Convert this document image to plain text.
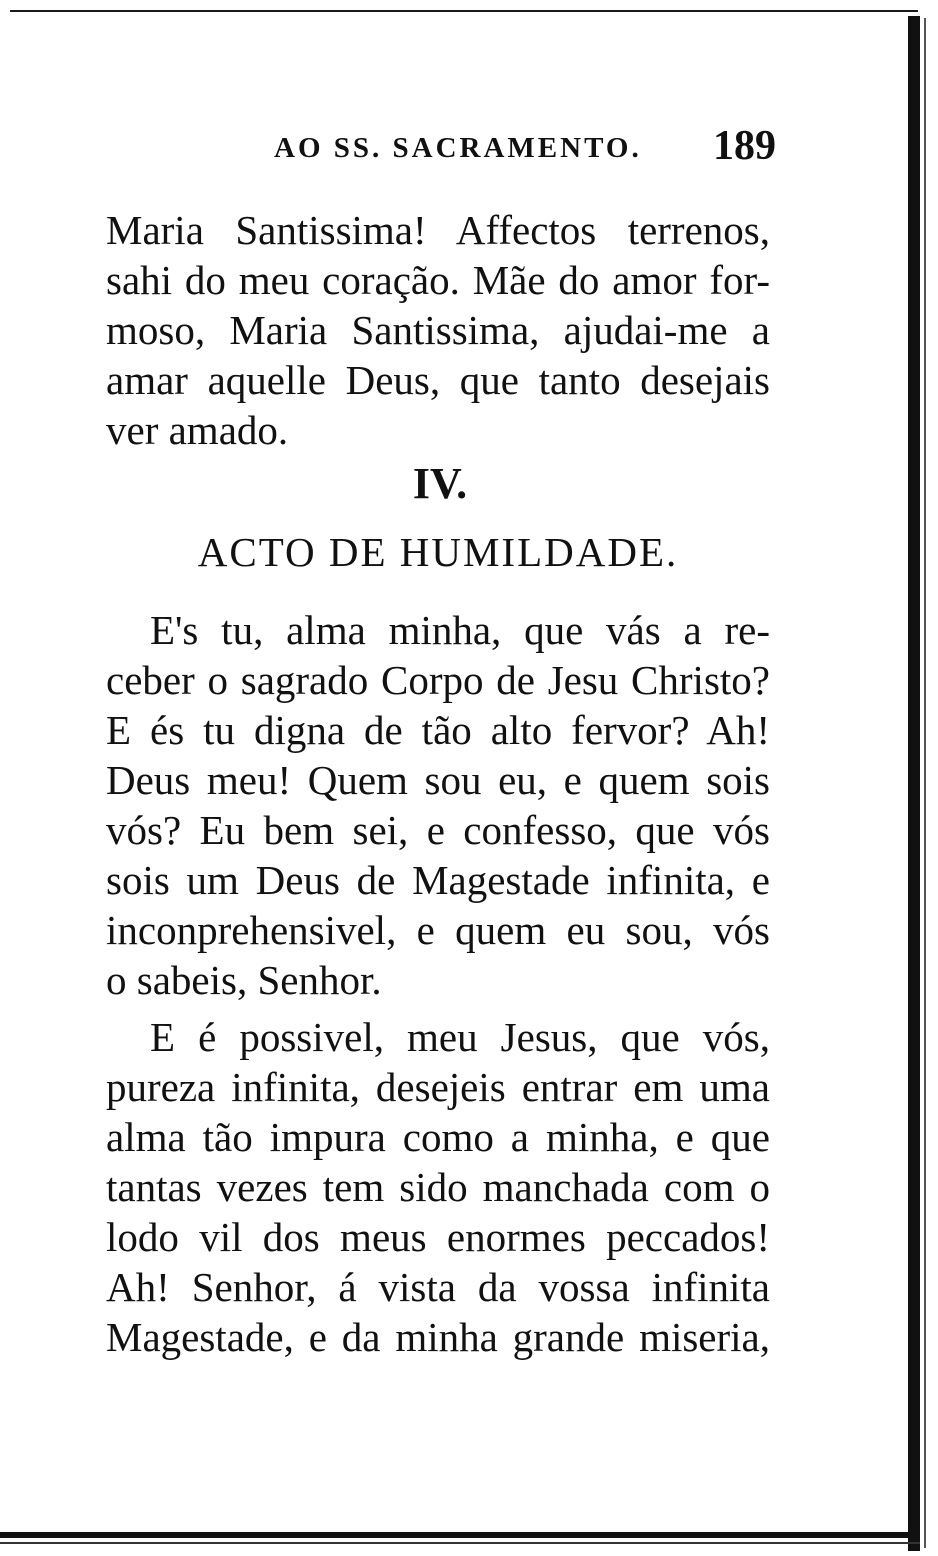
AO SS. SACRAMENTO. 189
Maria Santissima! Affectos terrenos,
sahi do meu coração. Mãe do amor for-
moso, Maria Santissima, ajudai-me a
amar aquelle Deus, que tanto desejais
ver amado.
IV.
ACTO DE HUMILDADE.
E's tu, alma minha, que vás a re-
ceber o sagrado Corpo de Jesu Christo?
E és tu digna de tão alto fervor? Ah!
Deus meu! Quem sou eu, e quem sois
vós? Eu bem sei, e confesso, que vós
sois um Deus de Magestade infinita, e
inconprehensivel, e quem eu sou, vós
o sabeis, Senhor.
E é possivel, meu Jesus, que vós,
pureza infinita, desejeis entrar em uma
alma tão impura como a minha, e que
tantas vezes tem sido manchada com o
lodo vil dos meus enormes peccados!
Ah! Senhor, á vista da vossa infinita
Magestade, e da minha grande miseria,
